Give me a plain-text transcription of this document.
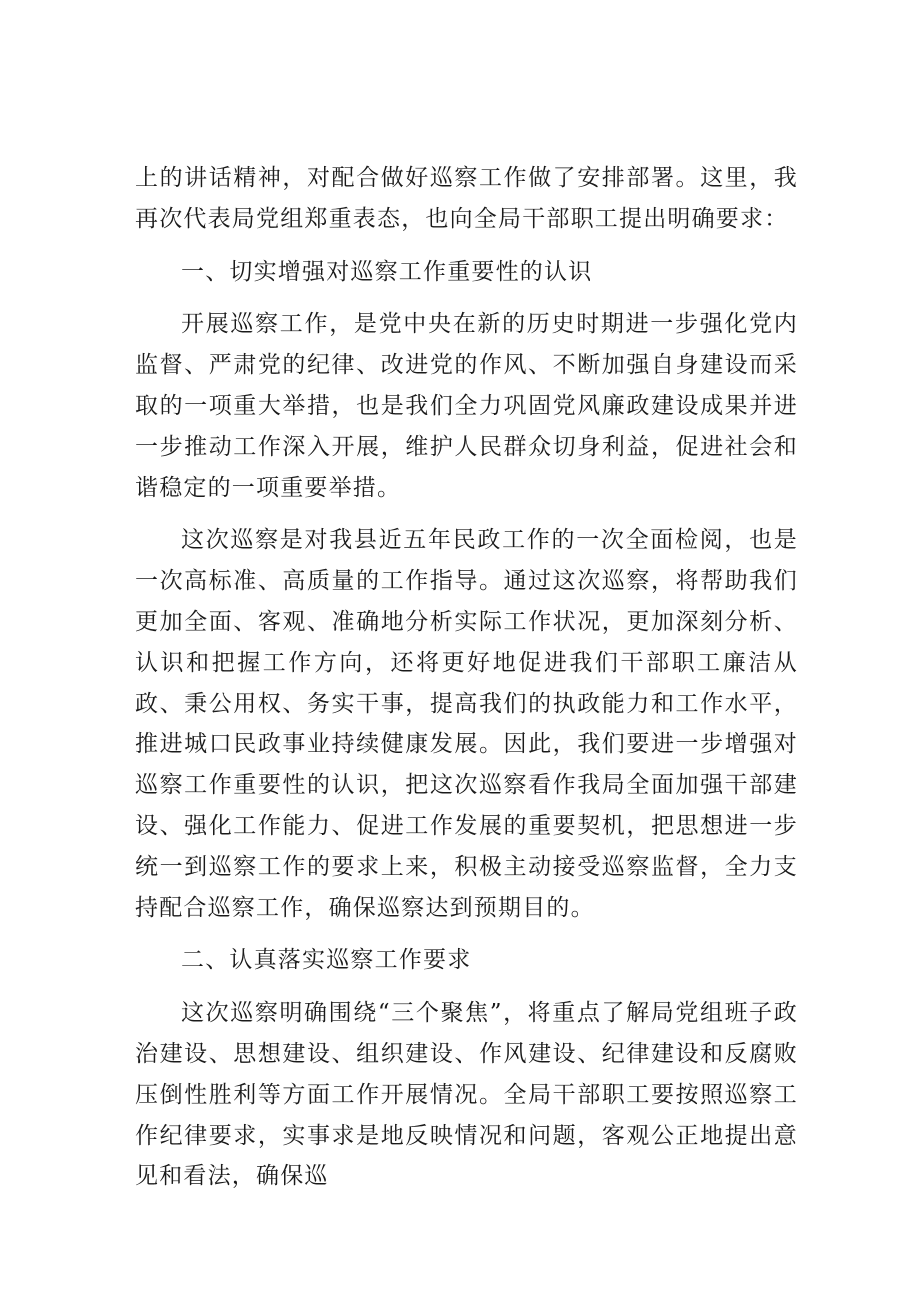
上的讲话精神，对配合做好巡察工作做了安排部署。这里，我再次代表局党组郑重表态，也向全局干部职工提出明确要求：

一、切实增强对巡察工作重要性的认识

开展巡察工作，是党中央在新的历史时期进一步强化党内监督、严肃党的纪律、改进党的作风、不断加强自身建设而采取的一项重大举措，也是我们全力巩固党风廉政建设成果并进一步推动工作深入开展，维护人民群众切身利益，促进社会和谐稳定的一项重要举措。

这次巡察是对我县近五年民政工作的一次全面检阅，也是一次高标准、高质量的工作指导。通过这次巡察，将帮助我们更加全面、客观、准确地分析实际工作状况，更加深刻分析、认识和把握工作方向，还将更好地促进我们干部职工廉洁从政、秉公用权、务实干事，提高我们的执政能力和工作水平，推进城口民政事业持续健康发展。因此，我们要进一步增强对巡察工作重要性的认识，把这次巡察看作我局全面加强干部建设、强化工作能力、促进工作发展的重要契机，把思想进一步统一到巡察工作的要求上来，积极主动接受巡察监督，全力支持配合巡察工作，确保巡察达到预期目的。

二、认真落实巡察工作要求

这次巡察明确围绕“三个聚焦”，将重点了解局党组班子政治建设、思想建设、组织建设、作风建设、纪律建设和反腐败压倒性胜利等方面工作开展情况。全局干部职工要按照巡察工作纪律要求，实事求是地反映情况和问题，客观公正地提出意见和看法，确保巡
